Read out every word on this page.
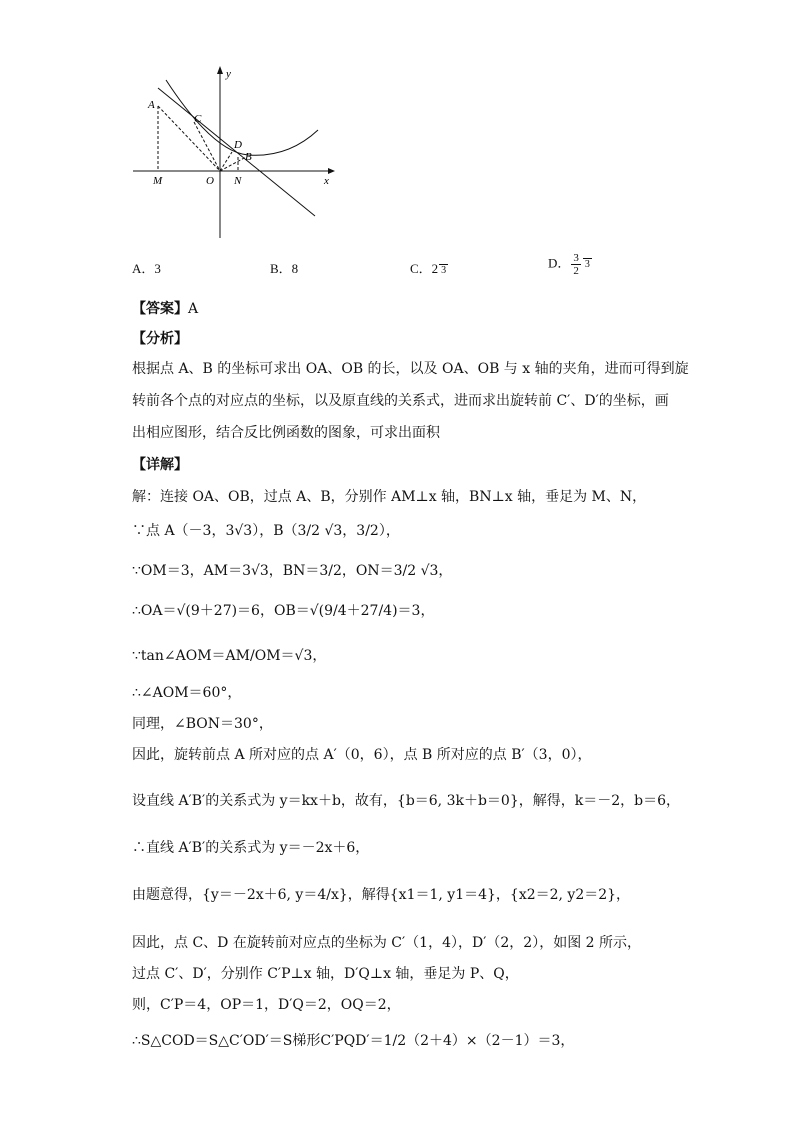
y
x
A
C
D
B
M	O N
A．3	B．8	C．2 3
D． $\frac{3}{2} 3$
【答案】A
【分析】
根据点 A、B 的坐标可求出 OA、OB 的长，以及 OA、OB 与 x 轴的夹角，进而可得到旋
转前各个点的对应点的坐标，以及原直线的关系式，进而求出旋转前 C′、D′的坐标，画
出相应图形，结合反比例函数的图象，可求出面积
【详解】
解：连接 OA、OB，过点 A、B，分别作 AM⊥x 轴，BN⊥x 轴，垂足为 M、N，
∵点 A（－3，3√3），B（3/2 √3，3/2），
∵OM＝3，AM＝3√3，BN＝3/2，ON＝3/2 √3，
∴OA＝√(9＋27)＝6，OB＝√(9/4＋27/4)＝3，
∵tan∠AOM＝AM/OM＝√3，
∴∠AOM＝60°，
同理，∠BON＝30°，
因此，旋转前点 A 所对应的点 A′（0，6），点 B 所对应的点 B′（3，0），
设直线 A′B′的关系式为 y＝kx＋b，故有，{b＝6, 3k＋b＝0}，解得，k＝－2，b＝6，
∴直线 A′B′的关系式为 y＝－2x＋6，
由题意得，{y＝－2x＋6, y＝4/x}，解得{x1＝1, y1＝4}，{x2＝2, y2＝2}，
因此，点 C、D 在旋转前对应点的坐标为 C′（1，4），D′（2，2），如图 2 所示，
过点 C′、D′，分别作 C′P⊥x 轴，D′Q⊥x 轴，垂足为 P、Q，
则，C′P＝4，OP＝1，D′Q＝2，OQ＝2，
∴S△COD＝S△C′OD′＝S梯形C′PQD′＝1/2（2＋4）×（2－1）＝3，
